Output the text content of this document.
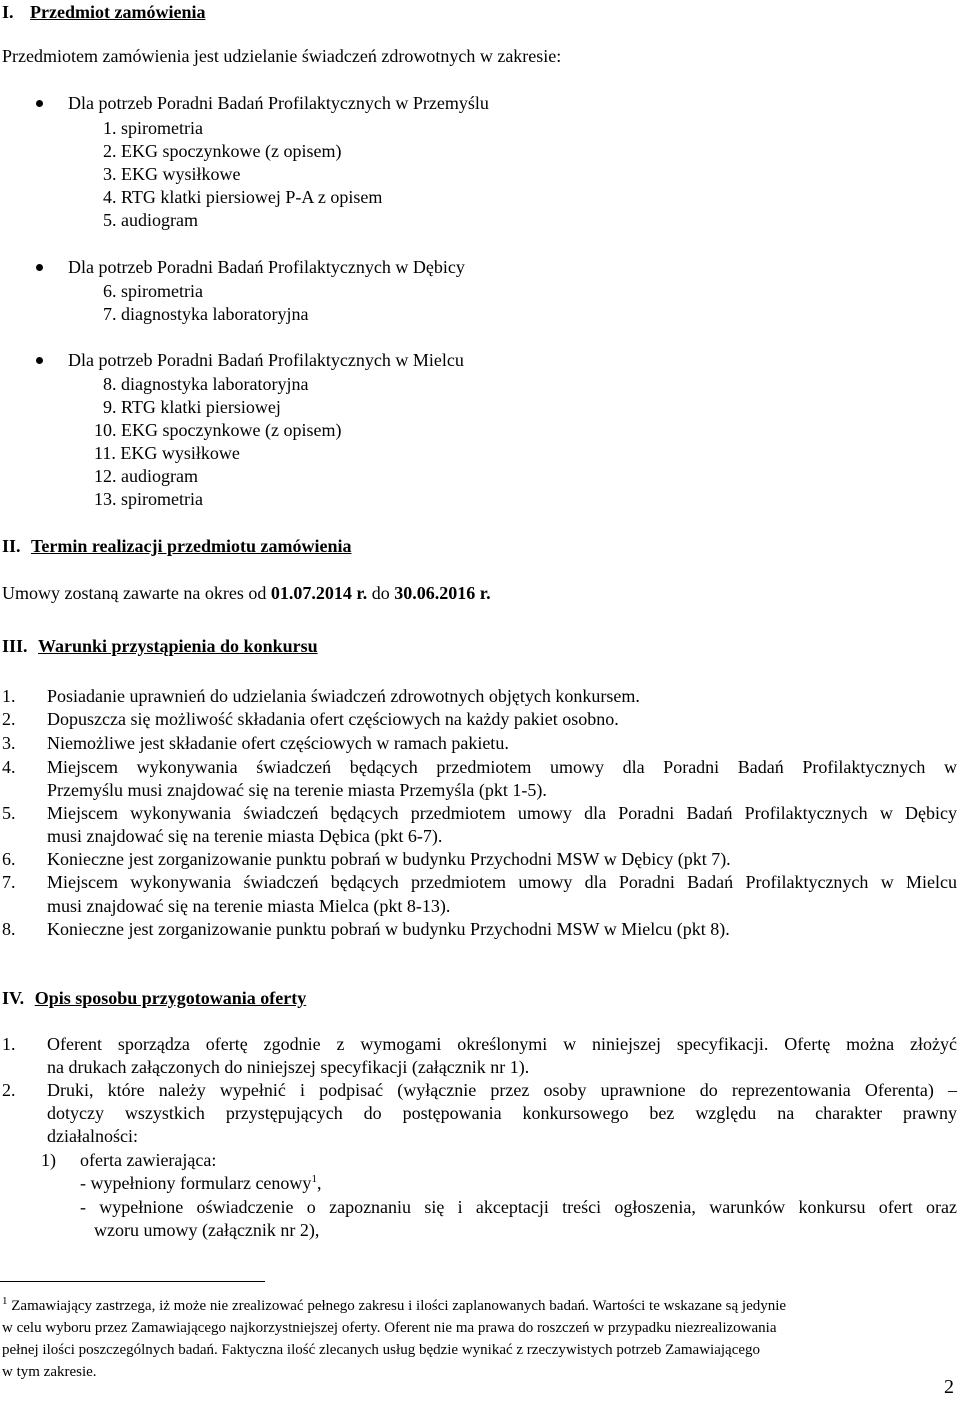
I. Przedmiot zamówienia
Przedmiotem zamówienia jest udzielanie świadczeń zdrowotnych w zakresie:
Dla potrzeb Poradni Badań Profilaktycznych w Przemyślu
1. spirometria
2. EKG spoczynkowe (z opisem)
3. EKG wysiłkowe
4. RTG klatki piersiowej P-A z opisem
5. audiogram
Dla potrzeb Poradni Badań Profilaktycznych w Dębicy
6. spirometria
7. diagnostyka laboratoryjna
Dla potrzeb Poradni Badań Profilaktycznych w Mielcu
8. diagnostyka laboratoryjna
9. RTG klatki piersiowej
10. EKG spoczynkowe (z opisem)
11. EKG wysiłkowe
12. audiogram
13. spirometria
II. Termin realizacji przedmiotu zamówienia
Umowy zostaną zawarte na okres od 01.07.2014 r. do 30.06.2016 r.
III. Warunki przystąpienia do konkursu
1. Posiadanie uprawnień do udzielania świadczeń zdrowotnych objętych konkursem.
2. Dopuszcza się możliwość składania ofert częściowych na każdy pakiet osobno.
3. Niemożliwe jest składanie ofert częściowych w ramach pakietu.
4. Miejscem wykonywania świadczeń będących przedmiotem umowy dla Poradni Badań Profilaktycznych w
Przemyślu musi znajdować się na terenie miasta Przemyśla (pkt 1-5).
5. Miejscem wykonywania świadczeń będących przedmiotem umowy dla Poradni Badań Profilaktycznych w Dębicy
musi znajdować się na terenie miasta Dębica (pkt 6-7).
6. Konieczne jest zorganizowanie punktu pobrań w budynku Przychodni MSW w Dębicy (pkt 7).
7. Miejscem wykonywania świadczeń będących przedmiotem umowy dla Poradni Badań Profilaktycznych w Mielcu
musi znajdować się na terenie miasta Mielca (pkt 8-13).
8. Konieczne jest zorganizowanie punktu pobrań w budynku Przychodni MSW w Mielcu (pkt 8).
IV. Opis sposobu przygotowania oferty
1. Oferent sporządza ofertę zgodnie z wymogami określonymi w niniejszej specyfikacji. Ofertę można złożyć
na drukach załączonych do niniejszej specyfikacji (załącznik nr 1).
2. Druki, które należy wypełnić i podpisać (wyłącznie przez osoby uprawnione do reprezentowania Oferenta) –
dotyczy wszystkich przystępujących do postępowania konkursowego bez względu na charakter prawny
działalności:
1) oferta zawierająca:
- wypełniony formularz cenowy$^1$,
- wypełnione oświadczenie o zapoznaniu się i akceptacji treści ogłoszenia, warunków konkursu ofert oraz
wzoru umowy (załącznik nr 2),
$^1$ Zamawiający zastrzega, iż może nie zrealizować pełnego zakresu i ilości zaplanowanych badań. Wartości te wskazane są jedynie
w celu wyboru przez Zamawiającego najkorzystniejszej oferty. Oferent nie ma prawa do roszczeń w przypadku niezrealizowania
pełnej ilości poszczególnych badań. Faktyczna ilość zlecanych usług będzie wynikać z rzeczywistych potrzeb Zamawiającego
w tym zakresie.
2
